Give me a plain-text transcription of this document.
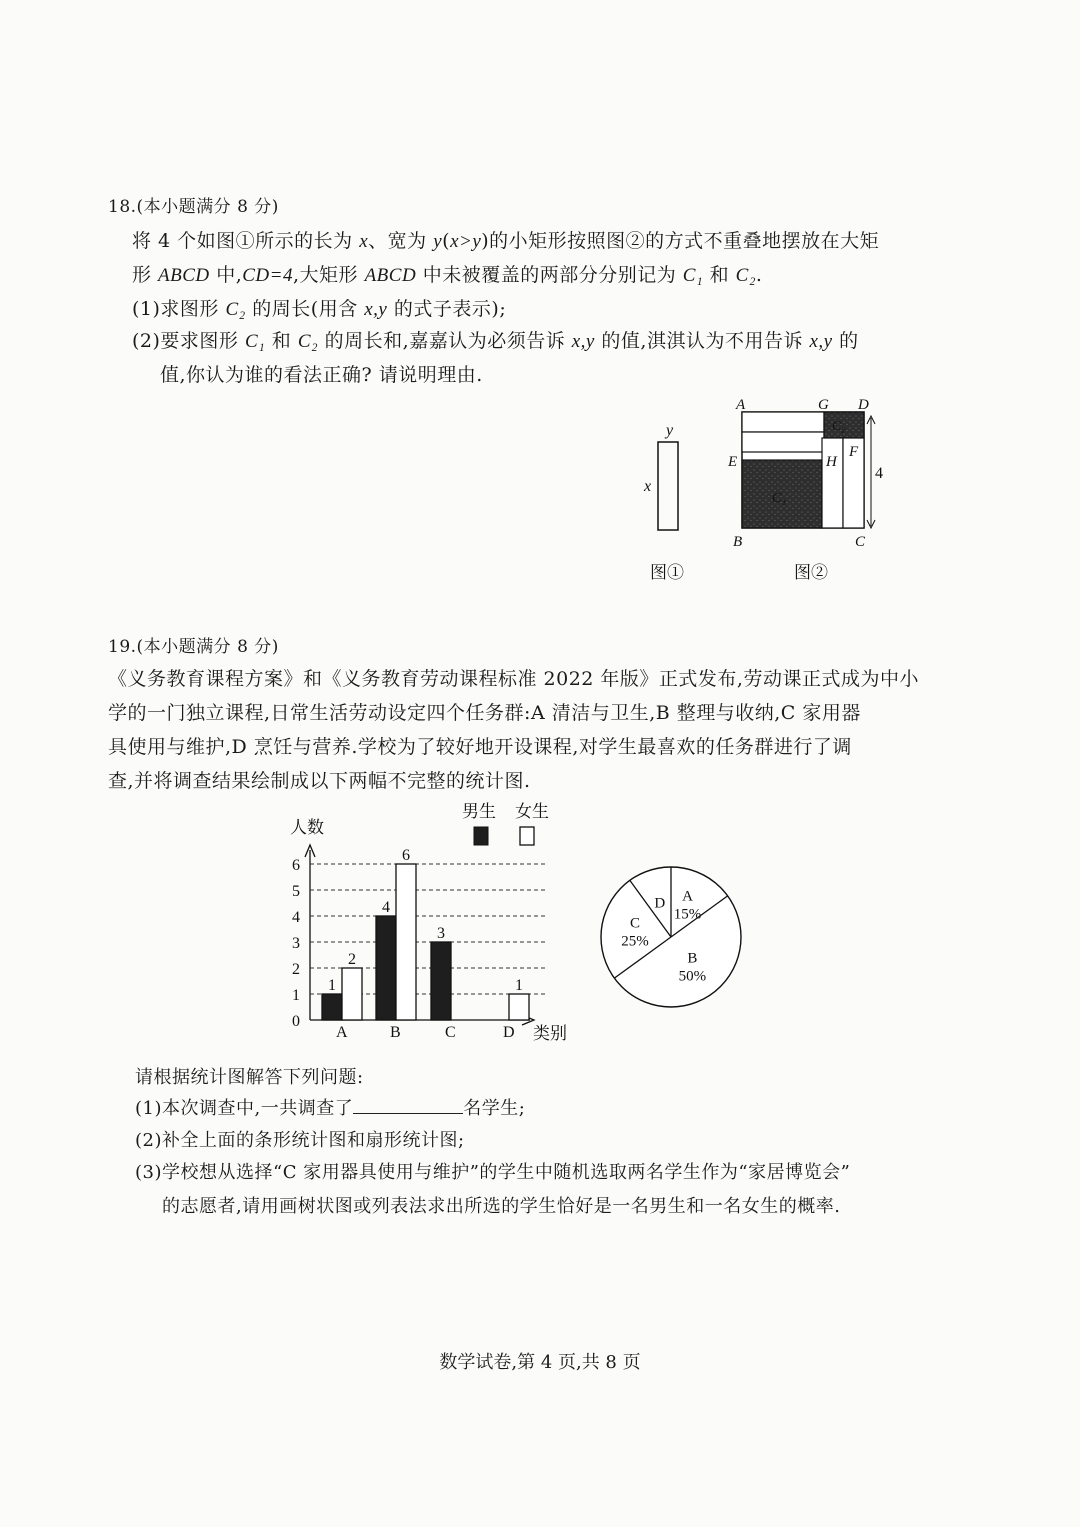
18.(本小题满分 8 分)
将 4 个如图①所示的长为 x、宽为 y(x>y)的小矩形按照图②的方式不重叠地摆放在大矩
形 ABCD 中,CD=4,大矩形 ABCD 中未被覆盖的两部分分别记为 C₁ 和 C₂.
(1)求图形 C₂ 的周长(用含 x,y 的式子表示);
(2)要求图形 C₁ 和 C₂ 的周长和,嘉嘉认为必须告诉 x,y 的值,淇淇认为不用告诉 x,y 的
值,你认为谁的看法正确? 请说明理由.
y
x
图①
4
A	G D
E	H
F
B	C
C₁
C₂
图②
19.(本小题满分 8 分)
《义务教育课程方案》和《义务教育劳动课程标准 2022 年版》正式发布,劳动课正式成为中小
学的一门独立课程,日常生活劳动设定四个任务群:A 清洁与卫生,B 整理与收纳,C 家用器
具使用与维护,D 烹饪与营养.学校为了较好地开设课程,对学生最喜欢的任务群进行了调
查,并将调查结果绘制成以下两幅不完整的统计图.
人数
类别
0
1
2
3
4
5
6
1
2
4
6
3
1
A	B	C	D
男生 女生
A
15%
B
50%
C
25%
D
请根据统计图解答下列问题:
(1)本次调查中,一共调查了	名学生;
(2)补全上面的条形统计图和扇形统计图;
(3)学校想从选择“C 家用器具使用与维护”的学生中随机选取两名学生作为“家居博览会”
的志愿者,请用画树状图或列表法求出所选的学生恰好是一名男生和一名女生的概率.
数学试卷,第 4 页,共 8 页
